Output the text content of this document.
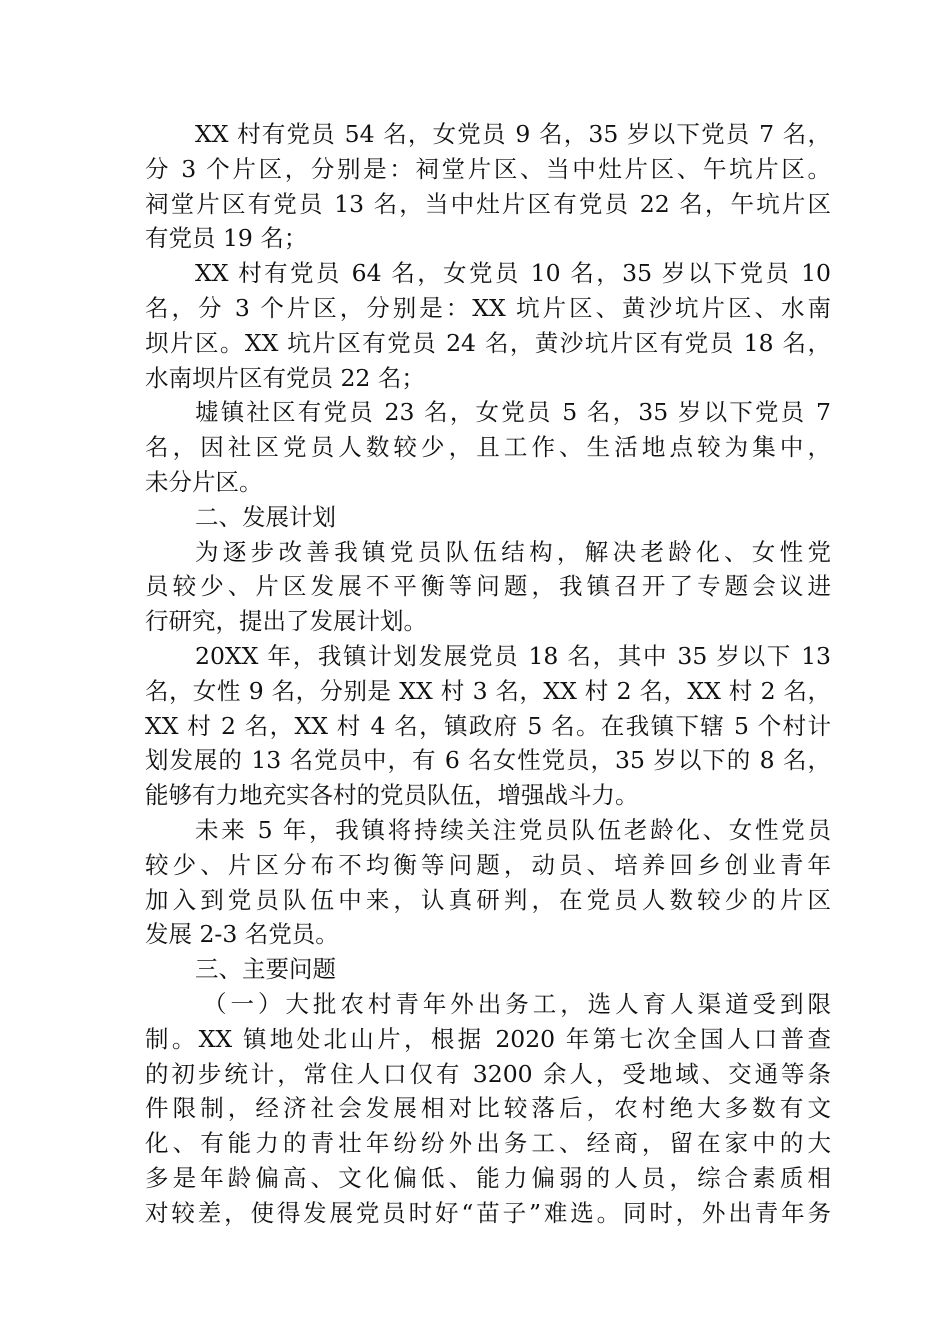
XX 村有党员 54 名，女党员 9 名，35 岁以下党员 7 名，
分 3 个片区，分别是：祠堂片区、当中灶片区、午坑片区。
祠堂片区有党员 13 名，当中灶片区有党员 22 名，午坑片区
有党员 19 名；
XX 村有党员 64 名，女党员 10 名，35 岁以下党员 10
名，分 3 个片区，分别是：XX 坑片区、黄沙坑片区、水南
坝片区。XX 坑片区有党员 24 名，黄沙坑片区有党员 18 名，
水南坝片区有党员 22 名；
墟镇社区有党员 23 名，女党员 5 名，35 岁以下党员 7
名，因社区党员人数较少，且工作、生活地点较为集中，
未分片区。
二、发展计划
为逐步改善我镇党员队伍结构，解决老龄化、女性党
员较少、片区发展不平衡等问题，我镇召开了专题会议进
行研究，提出了发展计划。
20XX 年，我镇计划发展党员 18 名，其中 35 岁以下 13
名，女性 9 名，分别是 XX 村 3 名，XX 村 2 名，XX 村 2 名，
XX 村 2 名，XX 村 4 名，镇政府 5 名。在我镇下辖 5 个村计
划发展的 13 名党员中，有 6 名女性党员，35 岁以下的 8 名，
能够有力地充实各村的党员队伍，增强战斗力。
未来 5 年，我镇将持续关注党员队伍老龄化、女性党员
较少、片区分布不均衡等问题，动员、培养回乡创业青年
加入到党员队伍中来，认真研判，在党员人数较少的片区
发展 2-3 名党员。
三、主要问题
（一）大批农村青年外出务工，选人育人渠道受到限
制。XX 镇地处北山片，根据 2020 年第七次全国人口普查
的初步统计，常住人口仅有 3200 余人，受地域、交通等条
件限制，经济社会发展相对比较落后，农村绝大多数有文
化、有能力的青壮年纷纷外出务工、经商，留在家中的大
多是年龄偏高、文化偏低、能力偏弱的人员，综合素质相
对较差，使得发展党员时好“苗子”难选。同时，外出青年务
